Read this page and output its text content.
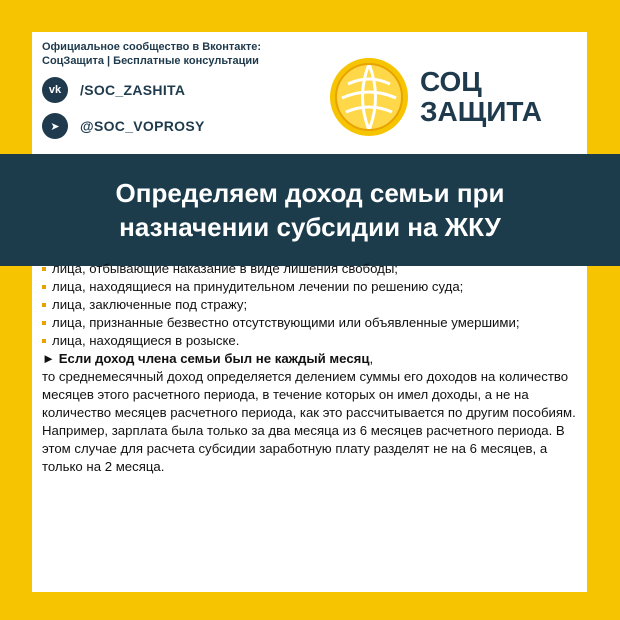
Официальное сообщество в Вконтакте:
СоцЗащита | Бесплатные консультации
vk	/SOC_ZASHITA
➤	@SOC_VOPROSY
СОЦ
ЗАЩИТА
Определяем доход семьи при назначении субсидии на ЖКУ

лица, отбывающие наказание в виде лишения свободы;

лица, находящиеся на принудительном лечении по решению суда;

лица, заключенные под стражу;

лица, признанные безвестно отсутствующими или объявленные умершими;

лица, находящиеся в розыске.

► Если доход члена семьи был не каждый месяц,

то среднемесячный доход определяется делением суммы его доходов на количество месяцев этого расчетного периода, в течение которых он имел доходы, а не на количество месяцев расчетного периода, как это рассчитывается по другим пособиям.

Например, зарплата была только за два месяца из 6 месяцев расчетного периода. В этом случае для расчета субсидии заработную плату разделят не на 6 месяцев, а только на 2 месяца.
